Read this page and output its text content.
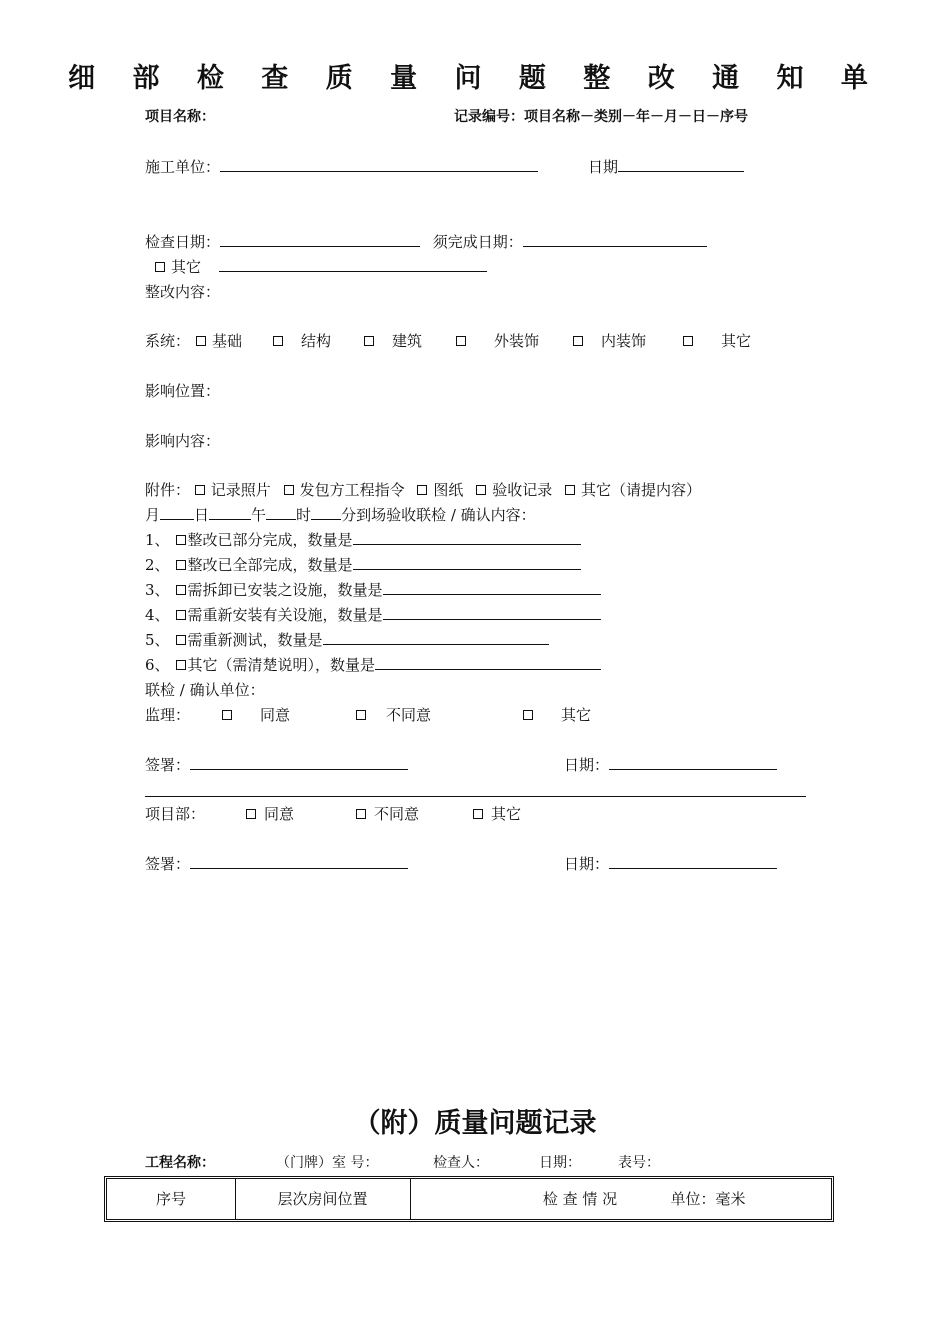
细 部 检 查 质 量 问 题 整 改 通 知 单
项目名称：	记录编号：项目名称－类别－年－月－日－序号
施工单位：	日期
检查日期：	须完成日期：
其它
整改内容：
系统：	基础	结构	建筑	外装饰	内装饰	其它
影响位置：
影响内容：
附件： 记录照片 发包方工程指令 图纸 验收记录 其它（请提内容）
月 日	午 时 分到场验收联检 / 确认内容：
1、 整改已部分完成，数量是
2、 整改已全部完成，数量是
3、 需拆卸已安装之设施，数量是
4、 需重新安装有关设施，数量是
5、 需重新测试，数量是
6、 其它（需清楚说明），数量是
联检 / 确认单位：
监理：	同意	不同意	其它
签署：	日期：
项目部：	同意	不同意	其它
签署：	日期：
（附）质量问题记录
工程名称：	（门牌）室 号：	检查人：	日期：	表号：
序号	层次房间位置	检 查 情 况	单位：毫米
